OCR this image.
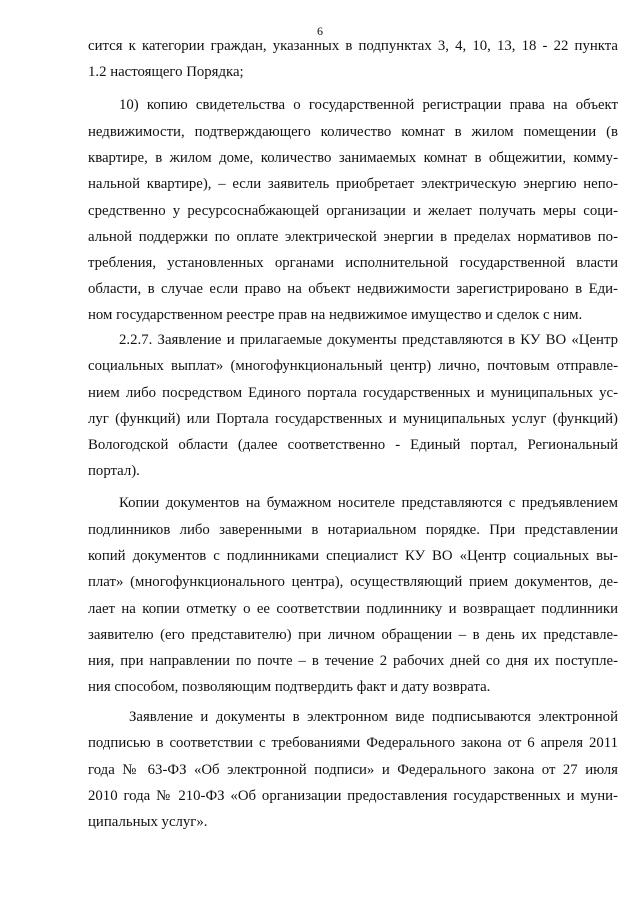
6
сится к категории граждан, указанных в подпунктах 3, 4, 10, 13, 18 - 22 пункта
1.2 настоящего Порядка;
10) копию свидетельства о государственной регистрации права на объект
недвижимости, подтверждающего количество комнат в жилом помещении (в
квартире, в жилом доме, количество занимаемых комнат в общежитии, комму-
нальной квартире), – если заявитель приобретает электрическую энергию непо-
средственно у ресурсоснабжающей организации и желает получать меры соци-
альной поддержки по оплате электрической энергии в пределах нормативов по-
требления, установленных органами исполнительной государственной власти
области, в случае если право на объект недвижимости зарегистрировано в Еди-
ном государственном реестре прав на недвижимое имущество и сделок с ним.
2.2.7. Заявление и прилагаемые документы представляются в КУ ВО «Центр
социальных выплат» (многофункциональный центр) лично, почтовым отправле-
нием либо посредством Единого портала государственных и муниципальных ус-
луг (функций) или Портала государственных и муниципальных услуг (функций)
Вологодской области (далее соответственно - Единый портал, Региональный
портал).
Копии документов на бумажном носителе представляются с предъявлением
подлинников либо заверенными в нотариальном порядке. При представлении
копий документов с подлинниками специалист КУ ВО «Центр социальных вы-
плат» (многофункционального центра), осуществляющий прием документов, де-
лает на копии отметку о ее соответствии подлиннику и возвращает подлинники
заявителю (его представителю) при личном обращении – в день их представле-
ния, при направлении по почте – в течение 2 рабочих дней со дня их поступле-
ния способом, позволяющим подтвердить факт и дату возврата.
Заявление и документы в электронном виде подписываются электронной
подписью в соответствии с требованиями Федерального закона от 6 апреля 2011
года № 63-ФЗ «Об электронной подписи» и Федерального закона от 27 июля
2010 года № 210-ФЗ «Об организации предоставления государственных и муни-
ципальных услуг».
